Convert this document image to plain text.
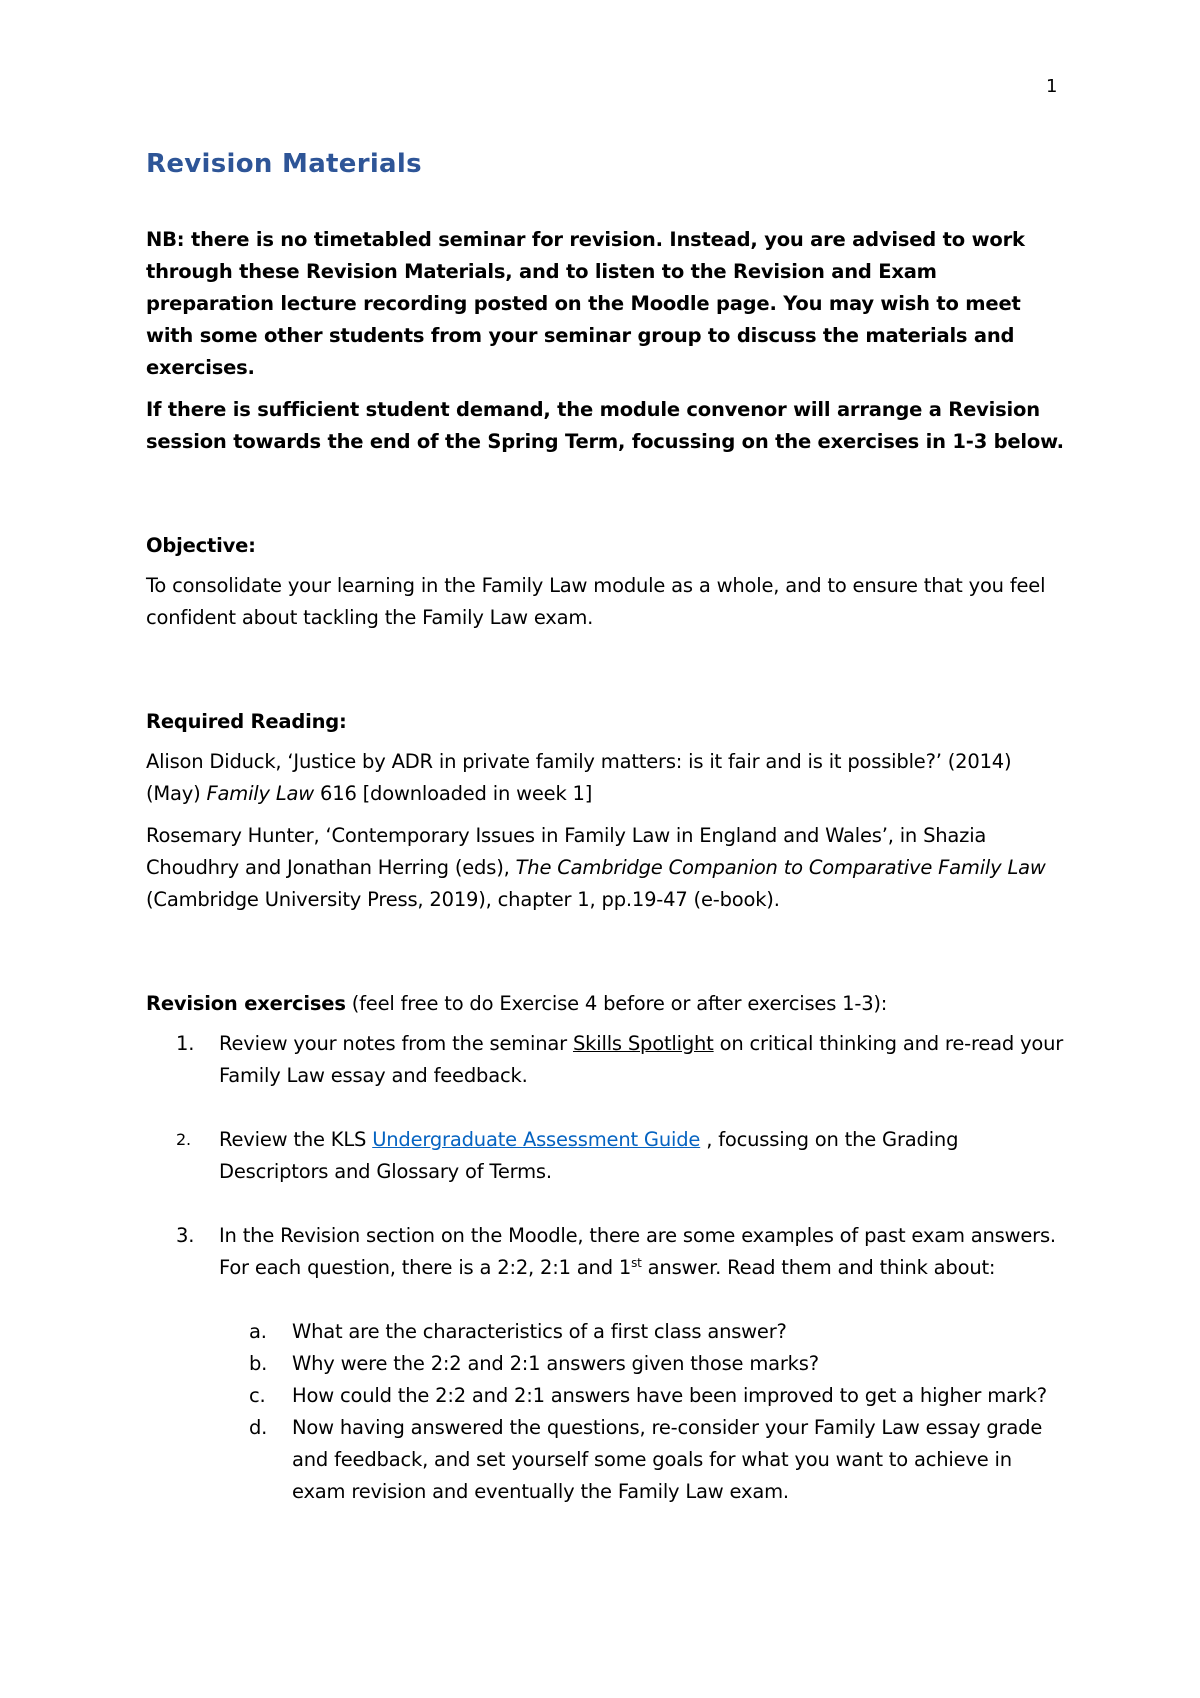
1
Revision Materials

NB: there is no timetabled seminar for revision. Instead, you are advised to work through these Revision Materials, and to listen to the Revision and Exam preparation lecture recording posted on the Moodle page. You may wish to meet with some other students from your seminar group to discuss the materials and exercises.

If there is sufficient student demand, the module convenor will arrange a Revision session towards the end of the Spring Term, focussing on the exercises in 1-3 below.

Objective:

To consolidate your learning in the Family Law module as a whole, and to ensure that you feel confident about tackling the Family Law exam.

Required Reading:

Alison Diduck, ‘Justice by ADR in private family matters: is it fair and is it possible?’ (2014) (May) Family Law 616 [downloaded in week 1]

Rosemary Hunter, ‘Contemporary Issues in Family Law in England and Wales’, in Shazia Choudhry and Jonathan Herring (eds), The Cambridge Companion to Comparative Family Law (Cambridge University Press, 2019), chapter 1, pp.19-47 (e-book).

Revision exercises (feel free to do Exercise 4 before or after exercises 1-3):

1. Review your notes from the seminar Skills Spotlight on critical thinking and re-read your Family Law essay and feedback.
2. Review the KLS Undergraduate Assessment Guide , focussing on the Grading Descriptors and Glossary of Terms.
3. In the Revision section on the Moodle, there are some examples of past exam answers. For each question, there is a 2:2, 2:1 and 1st answer. Read them and think about:
a. What are the characteristics of a first class answer?
b. Why were the 2:2 and 2:1 answers given those marks?
c. How could the 2:2 and 2:1 answers have been improved to get a higher mark?
d. Now having answered the questions, re-consider your Family Law essay grade and feedback, and set yourself some goals for what you want to achieve in exam revision and eventually the Family Law exam.
